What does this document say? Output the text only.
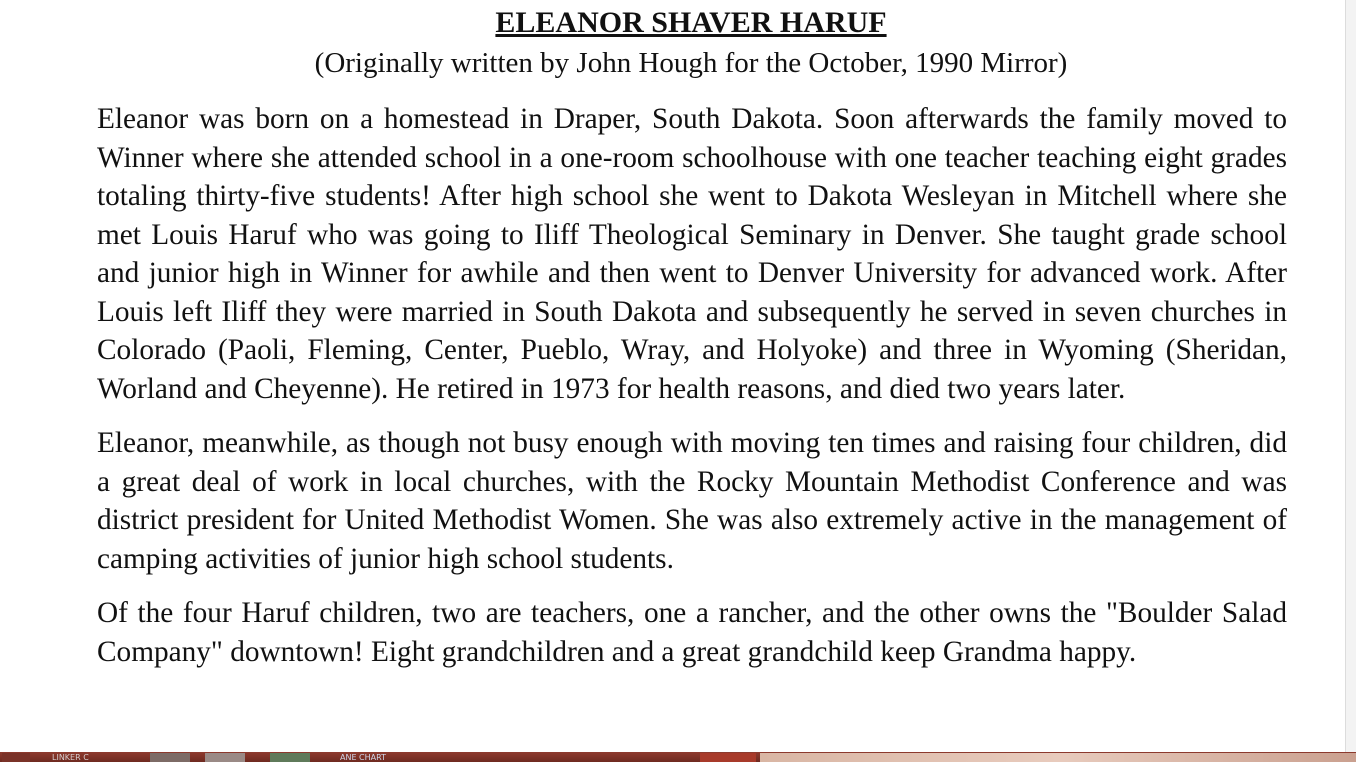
ELEANOR SHAVER HARUF
(Originally written by John Hough for the October, 1990 Mirror)

Eleanor was born on a homestead in Draper, South Dakota. Soon afterwards the family moved to Winner where she attended school in a one-room schoolhouse with one teacher teaching eight grades totaling thirty-five students! After high school she went to Dakota Wesleyan in Mitchell where she met Louis Haruf who was going to Iliff Theological Seminary in Denver. She taught grade school and junior high in Winner for awhile and then went to Denver University for advanced work. After Louis left Iliff they were married in South Dakota and subsequently he served in seven churches in Colorado (Paoli, Fleming, Center, Pueblo, Wray, and Holyoke) and three in Wyoming (Sheridan, Worland and Cheyenne). He retired in 1973 for health reasons, and died two years later.

Eleanor, meanwhile, as though not busy enough with moving ten times and raising four children, did a great deal of work in local churches, with the Rocky Mountain Methodist Conference and was district president for United Methodist Women. She was also extremely active in the management of camping activities of junior high school students.

Of the four Haruf children, two are teachers, one a rancher, and the other owns the "Boulder Salad Company" downtown! Eight grandchildren and a great grandchild keep Grandma happy.

LINKER C	ANE CHART
